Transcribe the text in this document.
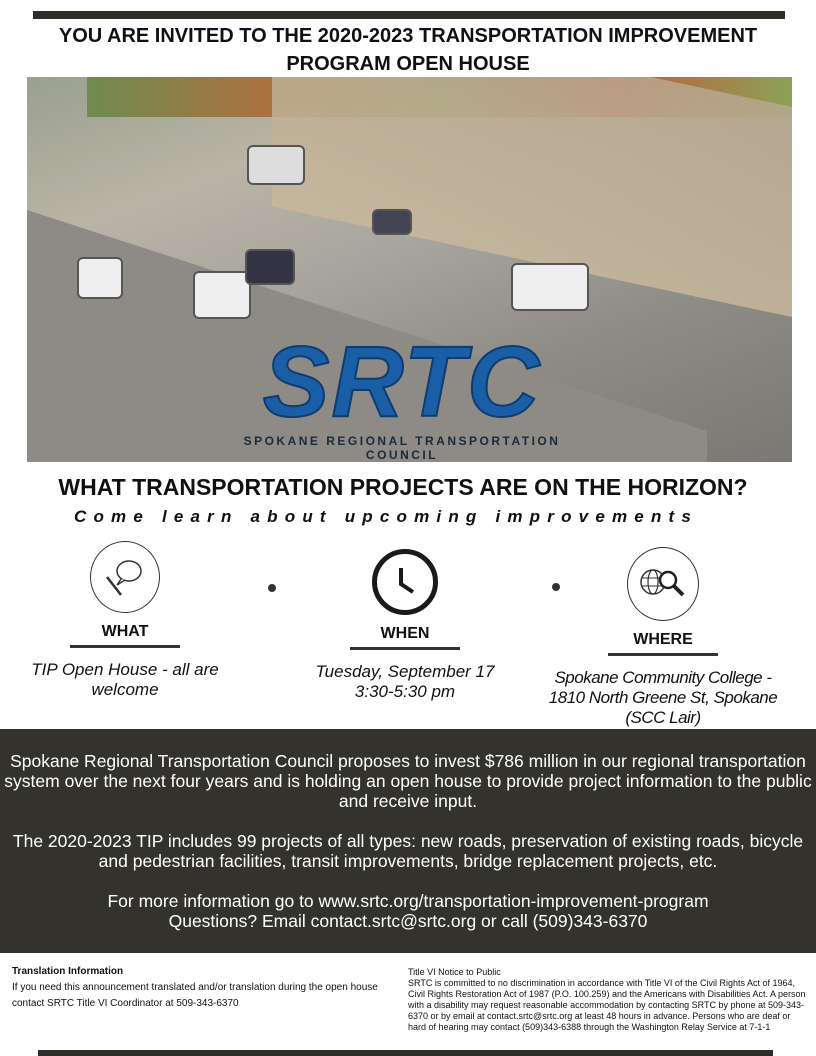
YOU ARE INVITED TO THE 2020-2023 TRANSPORTATION IMPROVEMENT PROGRAM OPEN HOUSE
SRTC
SPOKANE REGIONAL TRANSPORTATION COUNCIL
WHAT TRANSPORTATION PROJECTS ARE ON THE HORIZON?
Come learn about upcoming improvements
WHAT
TIP Open House - all are welcome
WHEN
Tuesday, September 17
3:30-5:30 pm
WHERE
Spokane Community College - 1810 North Greene St, Spokane (SCC Lair)

Spokane Regional Transportation Council proposes to invest $786 million in our regional transportation system over the next four years and is holding an open house to provide project information to the public and receive input.

The 2020-2023 TIP includes 99 projects of all types: new roads, preservation of existing roads, bicycle and pedestrian facilities, transit improvements, bridge replacement projects, etc.

For more information go to www.srtc.org/transportation-improvement-program
Questions? Email contact.srtc@srtc.org or call (509)343-6370
Translation Information
If you need this announcement translated and/or translation during the open house contact SRTC Title VI Coordinator at 509-343-6370
Title VI Notice to Public
SRTC is committed to no discrimination in accordance with Title VI of the Civil Rights Act of 1964, Civil Rights Restoration Act of 1987 (P.O. 100.259) and the Americans with Disabilities Act. A person with a disability may request reasonable accommodation by contacting SRTC by phone at 509-343-6370 or by email at contact.srtc@srtc.org at least 48 hours in advance. Persons who are deaf or hard of hearing may contact (509)343-6388 through the Washington Relay Service at 7-1-1
